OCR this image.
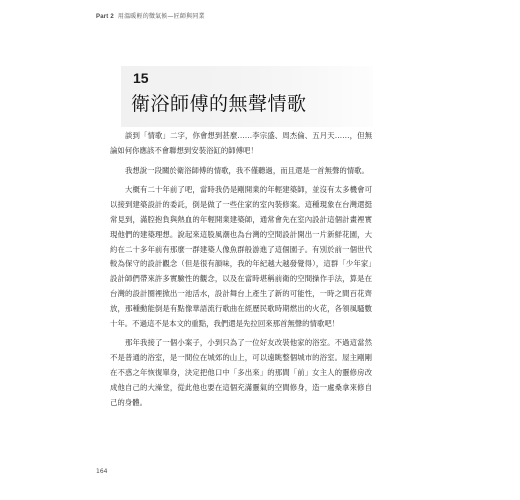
Part 2 用溫暖輕的徵氣候—匠師與同業
15
衛浴師傅的無聲情歌

談到「情歌」二字，你會想到甚麼……李宗盛、周杰倫、五月天……，但無論如何你應該不會聯想到安裝浴缸的師傅吧！

我想說一段關於衛浴師傅的情歌，我不僅聽過，而且還是一首無聲的情歌。

大概有二十年前了吧，當時我仍是剛開業的年輕建築師，並沒有太多機會可以接到建築設計的委託，倒是做了一些住家的室內裝修案。這種現象在台灣還挺常見到，滿腔抱負與熱血的年輕開業建築師，通常會先在室內設計這個計畫裡實現他們的建築理想。說起來這股風潮也為台灣的空間設計開出一片新鮮花園，大約在二十多年前有那麼一群建築人像魚群般游進了這個園子。有別於前一個世代較為保守的設計觀念（但是很有韻味，我的年紀越大越發覺得），這群「少年家」設計師們帶來許多實驗性的觀念，以及在當時堪稱前衛的空間操作手法，算是在台灣的設計圈裡掀出一池活水，設計舞台上產生了新的可能性，一時之間百花齊放，那種動能倒是有點像華語流行歌曲在經歷民歌時期燃出的火花，各領風騷數十年。不過這不是本文的重點，我們還是先拉回來那首無聲的情歌吧！

那年我接了一個小案子，小到只為了一位好友改裝他家的浴室。不過這當然不是普通的浴室，是一間位在城郊的山上，可以遠眺整個城市的浴室。屋主剛剛在不惑之年恢復單身，決定把他口中「多出來」的那間「前」女主人的靈修房改成他自己的大澡堂，從此他也要在這個充滿靈氣的空間修身，造一處桑拿來修自己的身體。

164
